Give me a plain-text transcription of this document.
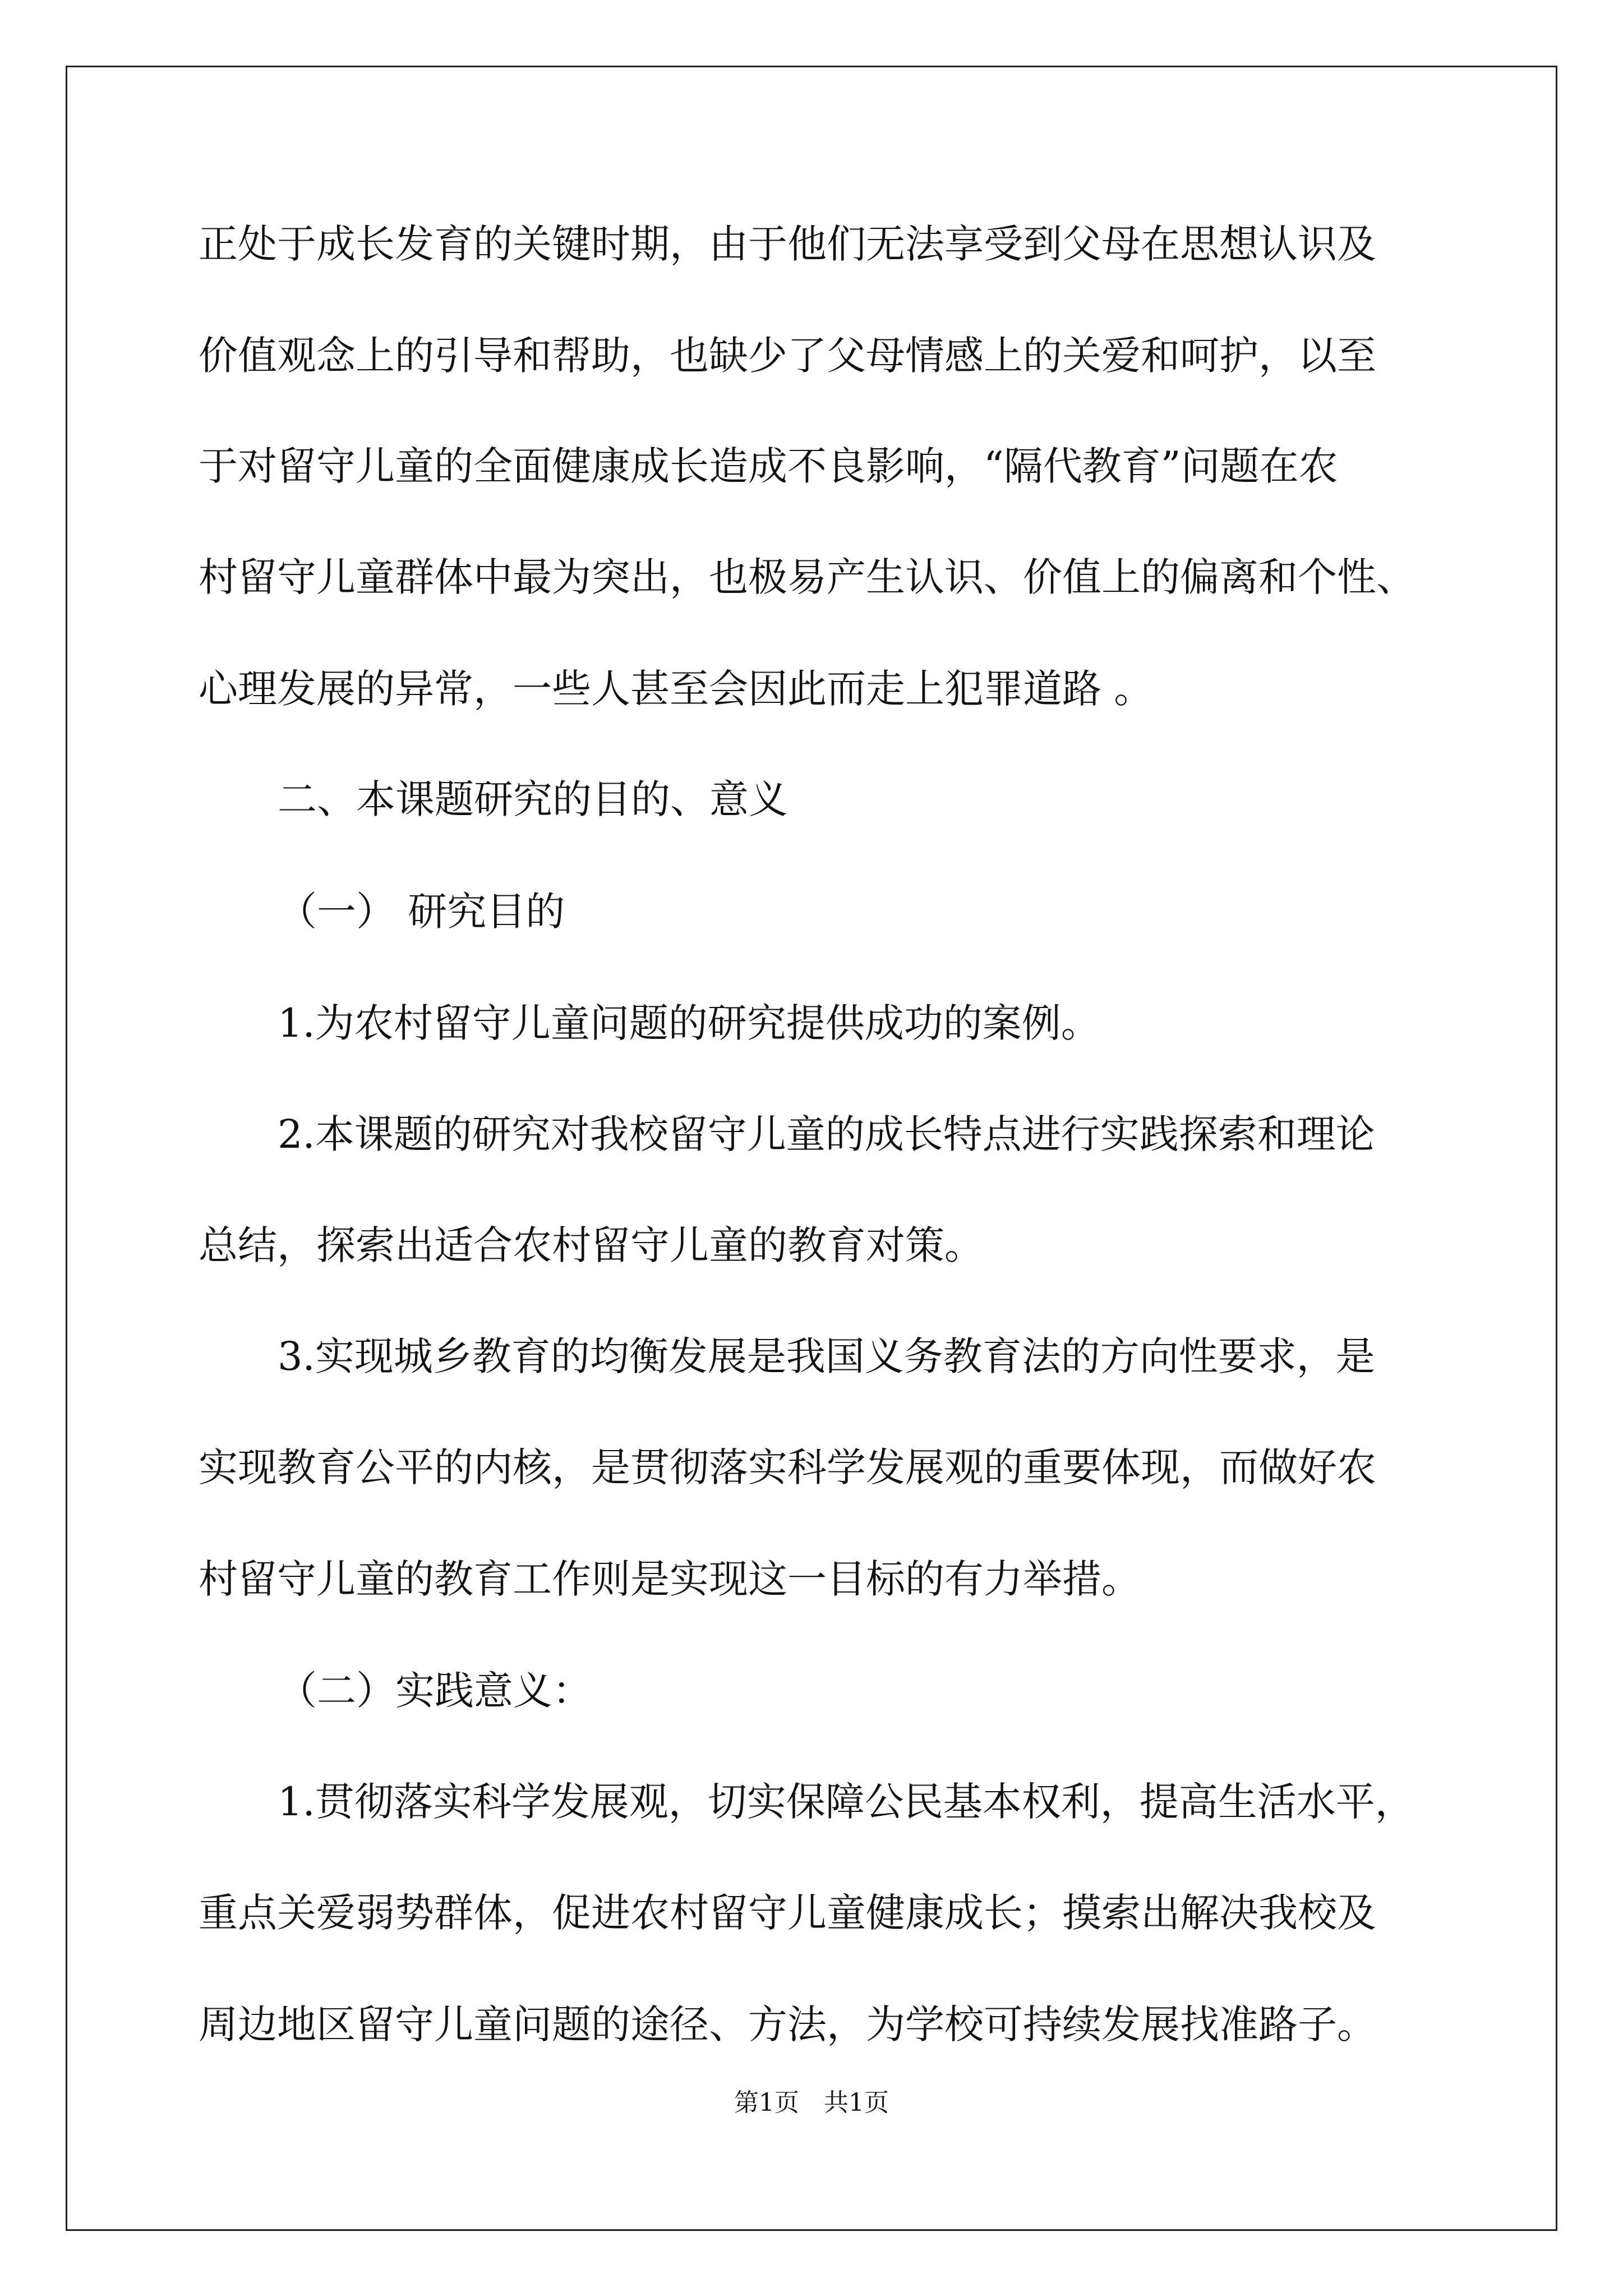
正处于成长发育的关键时期，由于他们无法享受到父母在思想认识及
价值观念上的引导和帮助，也缺少了父母情感上的关爱和呵护，以至
于对留守儿童的全面健康成长造成不良影响，“隔代教育”问题在农
村留守儿童群体中最为突出，也极易产生认识、价值上的偏离和个性、
心理发展的异常，一些人甚至会因此而走上犯罪道路 。
二、本课题研究的目的、意义
（一） 研究目的
1.为农村留守儿童问题的研究提供成功的案例。
2.本课题的研究对我校留守儿童的成长特点进行实践探索和理论
总结，探索出适合农村留守儿童的教育对策。
3.实现城乡教育的均衡发展是我国义务教育法的方向性要求，是
实现教育公平的内核，是贯彻落实科学发展观的重要体现，而做好农
村留守儿童的教育工作则是实现这一目标的有力举措。
（二）实践意义：
1.贯彻落实科学发展观，切实保障公民基本权利，提高生活水平，
重点关爱弱势群体，促进农村留守儿童健康成长；摸索出解决我校及
周边地区留守儿童问题的途径、方法，为学校可持续发展找准路子。
第1页　共1页
